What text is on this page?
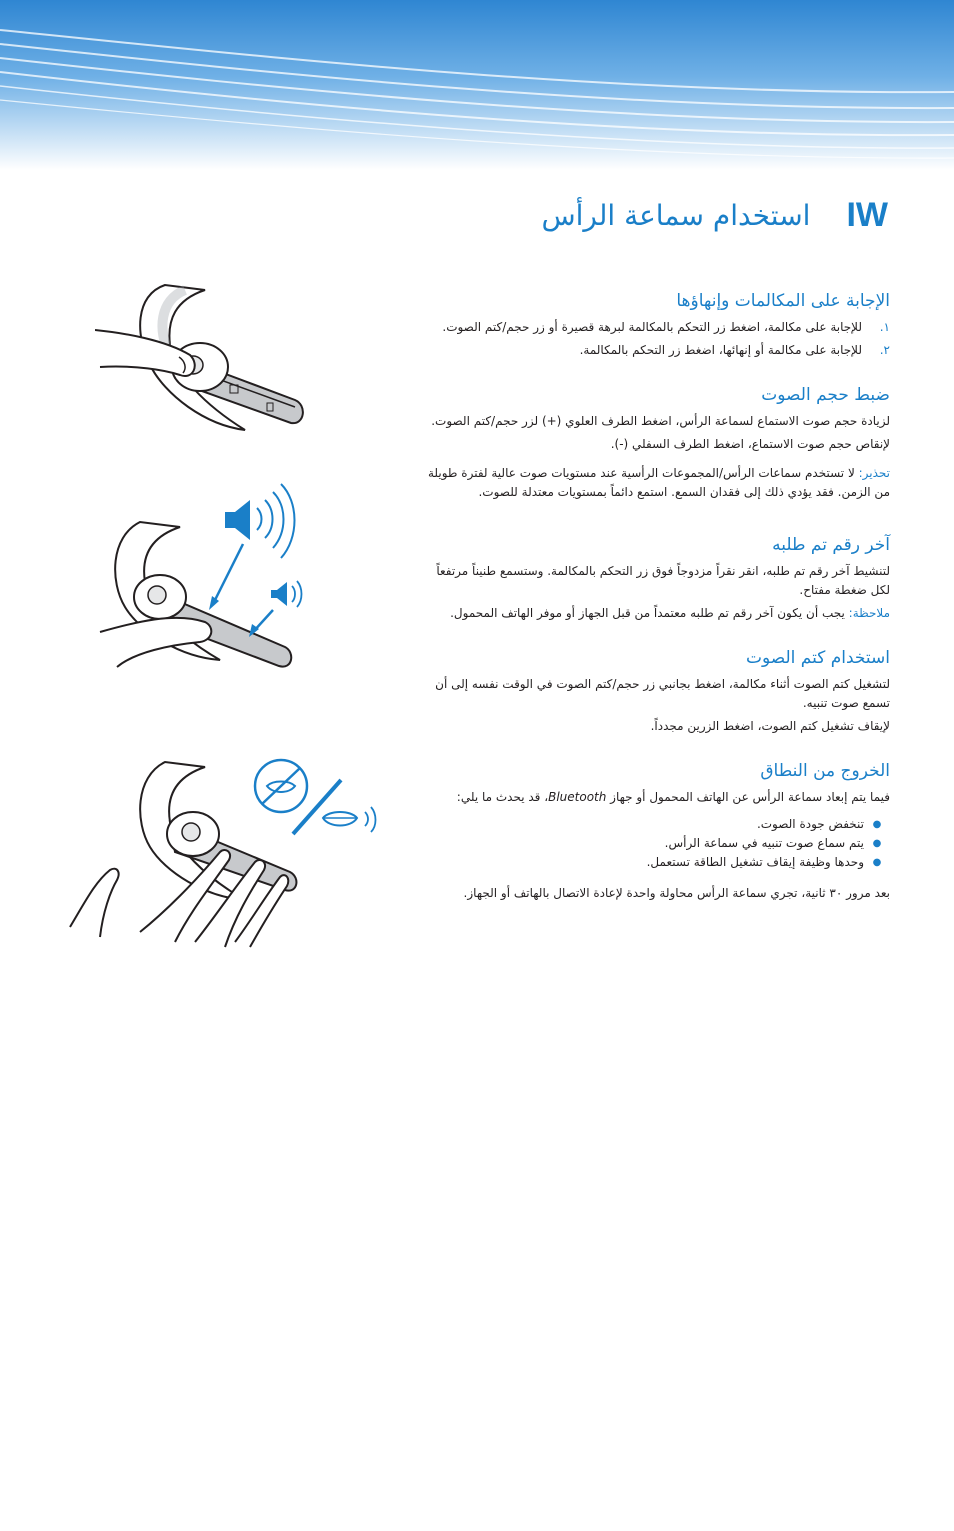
IW
استخدام سماعة الرأس
الإجابة على المكالمات وإنهاؤها
١.
للإجابة على مكالمة، اضغط زر التحكم بالمكالمة لبرهة قصيرة أو زر حجم/كتم الصوت.
٢.
للإجابة على مكالمة أو إنهائها، اضغط زر التحكم بالمكالمة.
ضبط حجم الصوت

لزيادة حجم صوت الاستماع لسماعة الرأس، اضغط الطرف العلوي (+) لزر حجم/كتم الصوت.

لإنقاص حجم صوت الاستماع، اضغط الطرف السفلي (-).

تحذير: لا تستخدم سماعات الرأس/المجموعات الرأسية عند مستويات صوت عالية لفترة طويلة من الزمن. فقد يؤدي ذلك إلى فقدان السمع. استمع دائماً بمستويات معتدلة للصوت.

آخر رقم تم طلبه

لتنشيط آخر رقم تم طلبه، انقر نقراً مزدوجاً فوق زر التحكم بالمكالمة. وستسمع طنيناً مرتفعاً لكل ضغطة مفتاح.

ملاحظة: يجب أن يكون آخر رقم تم طلبه معتمداً من قبل الجهاز أو موفر الهاتف المحمول.

استخدام كتم الصوت

لتشغيل كتم الصوت أثناء مكالمة، اضغط بجانبي زر حجم/كتم الصوت في الوقت نفسه إلى أن تسمع صوت تنبيه.

لإيقاف تشغيل كتم الصوت، اضغط الزرين مجدداً.

الخروج من النطاق

فيما يتم إبعاد سماعة الرأس عن الهاتف المحمول أو جهاز Bluetooth، قد يحدث ما يلي:

●
تنخفض جودة الصوت.
●
يتم سماع صوت تنبيه في سماعة الرأس.
●
وحدها وظيفة إيقاف تشغيل الطاقة تستعمل.

بعد مرور ٣٠ ثانية، تجري سماعة الرأس محاولة واحدة لإعادة الاتصال بالهاتف أو الجهاز.
